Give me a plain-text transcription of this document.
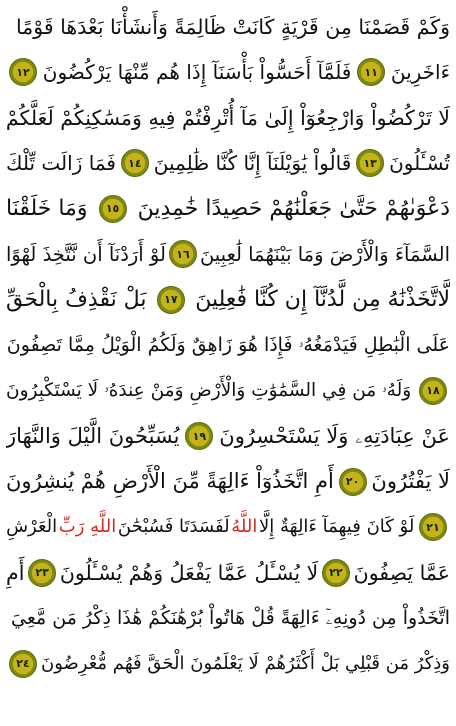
وَكَمْ قَصَمْنَا مِن قَرْيَةٍ كَانَتْ ظَالِمَةً وَأَنشَأْنَا بَعْدَهَا قَوْمًا
ءَاخَرِينَ
١١
فَلَمَّآ أَحَسُّواْ بَأْسَنَآ إِذَا هُم مِّنْهَا يَرْكُضُونَ
١٢
لَا تَرْكُضُواْ وَارْجِعُوٓاْ إِلَىٰ مَآ أُتْرِفْتُمْ فِيهِ وَمَسَٰكِنِكُمْ لَعَلَّكُمْ
تُسْـَٔلُونَ
١٣
قَالُواْ يَٰوَيْلَنَآ إِنَّا كُنَّا ظَٰلِمِينَ
١٤
فَمَا زَالَت تِّلْكَ
دَعْوَىٰهُمْ حَتَّىٰ جَعَلْنَٰهُمْ حَصِيدًا خَٰمِدِينَ
١٥
وَمَا خَلَقْنَا
السَّمَآءَ وَالْأَرْضَ وَمَا بَيْنَهُمَا لَٰعِبِينَ
١٦
لَوْ أَرَدْنَآ أَن نَّتَّخِذَ لَهْوًا
لَّاتَّخَذْنَٰهُ مِن لَّدُنَّآ إِن كُنَّا فَٰعِلِينَ
١٧
بَلْ نَقْذِفُ بِالْحَقِّ
عَلَى الْبَٰطِلِ فَيَدْمَغُهُۥ فَإِذَا هُوَ زَاهِقٌ وَلَكُمُ الْوَيْلُ مِمَّا تَصِفُونَ
١٨
وَلَهُۥ مَن فِي السَّمَٰوَٰتِ وَالْأَرْضِ وَمَنْ عِندَهُۥ لَا يَسْتَكْبِرُونَ
عَنْ عِبَادَتِهِۦ وَلَا يَسْتَحْسِرُونَ
١٩
يُسَبِّحُونَ الَّيْلَ وَالنَّهَارَ
لَا يَفْتُرُونَ
٢٠
أَمِ اتَّخَذُوٓاْ ءَالِهَةً مِّنَ الْأَرْضِ هُمْ يُنشِرُونَ
٢١
لَوْ كَانَ فِيهِمَآ ءَالِهَةٌ إِلَّا
اللَّهُ
لَفَسَدَتَا فَسُبْحَٰنَ
اللَّهِ رَبِّ
الْعَرْشِ
عَمَّا يَصِفُونَ
٢٢
لَا يُسْـَٔلُ عَمَّا يَفْعَلُ وَهُمْ يُسْـَٔلُونَ
٢٣
أَمِ
اتَّخَذُواْ مِن دُونِهِۦٓ ءَالِهَةً قُلْ هَاتُواْ بُرْهَٰنَكُمْ هَٰذَا ذِكْرُ مَن مَّعِيَ
وَذِكْرُ مَن قَبْلِي بَلْ أَكْثَرُهُمْ لَا يَعْلَمُونَ الْحَقَّ فَهُم مُّعْرِضُونَ
٢٤
